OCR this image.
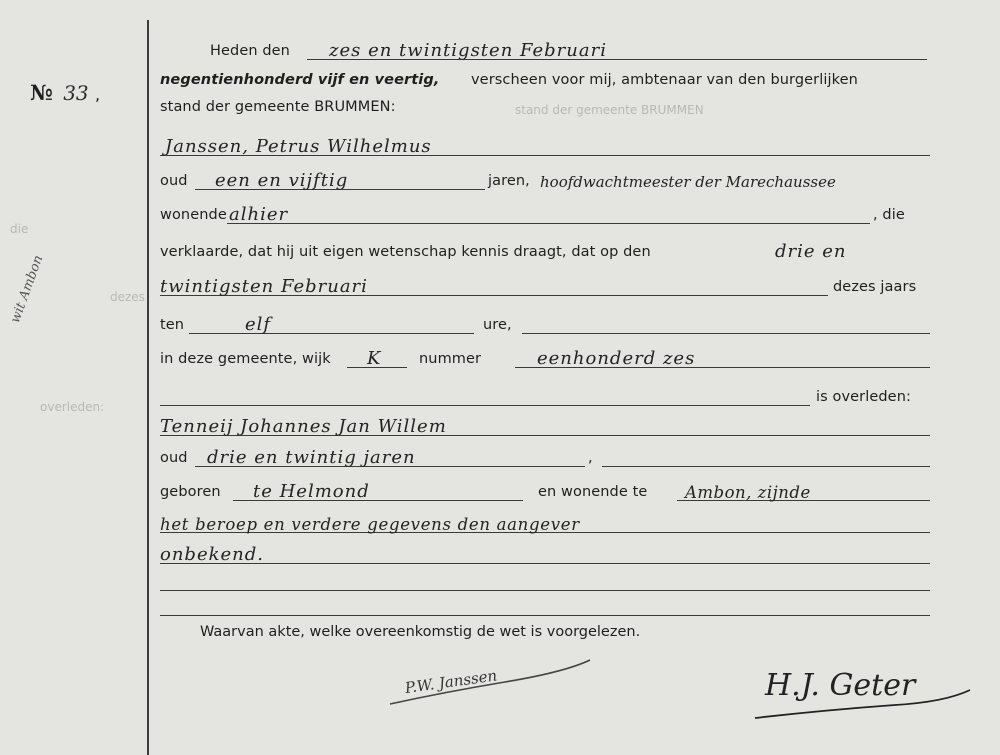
stand der gemeente BRUMMEN
die
dezes
overleden:
№ 33 ,
wit Ambon
Heden den zes en twintigsten Februari
negentienhonderd vijf en veertig, verscheen voor mij, ambtenaar van den burgerlijken
stand der gemeente BRUMMEN:
Janssen, Petrus Wilhelmus
oud een en vijftig	jaren, hoofdwachtmeester der Marechaussee
wonende alhier	, die
verklaarde, dat hij uit eigen wetenschap kennis draagt, dat op den	drie en
twintigsten Februari	dezes jaars
ten	elf	ure,
in deze gemeente, wijk K	nummer	eenhonderd zes
is overleden:
Tenneij Johannes Jan Willem
oud drie en twintig jaren	,
geboren te Helmond	en wonende te Ambon, zijnde
het beroep en verdere gegevens den aangever
onbekend.
Waarvan akte, welke overeenkomstig de wet is voorgelezen.
P.W. Janssen	H.J. Geter
